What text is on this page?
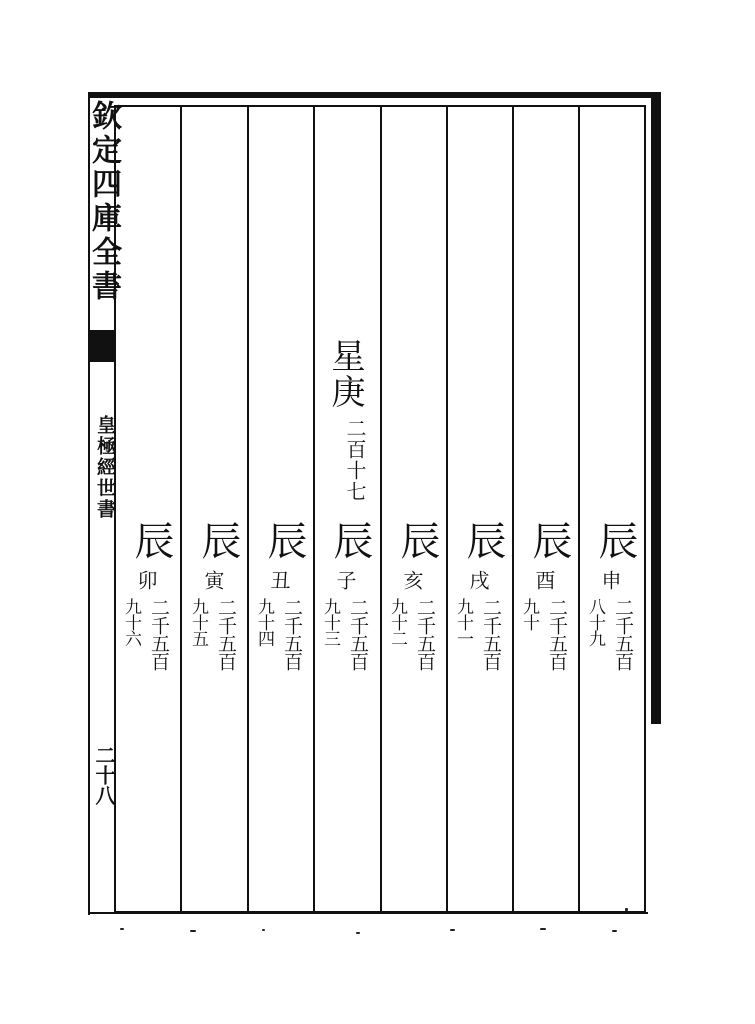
欽定四庫全書
皇極經世書
二十八
星庚
二百十七
辰
申
二千五百
八十九
辰
酉
二千五百
九十
辰
戌
二千五百
九十一
辰
亥
二千五百
九十二
辰
子
二千五百
九十三
辰
丑
二千五百
九十四
辰
寅
二千五百
九十五
辰
卯
二千五百
九十六
